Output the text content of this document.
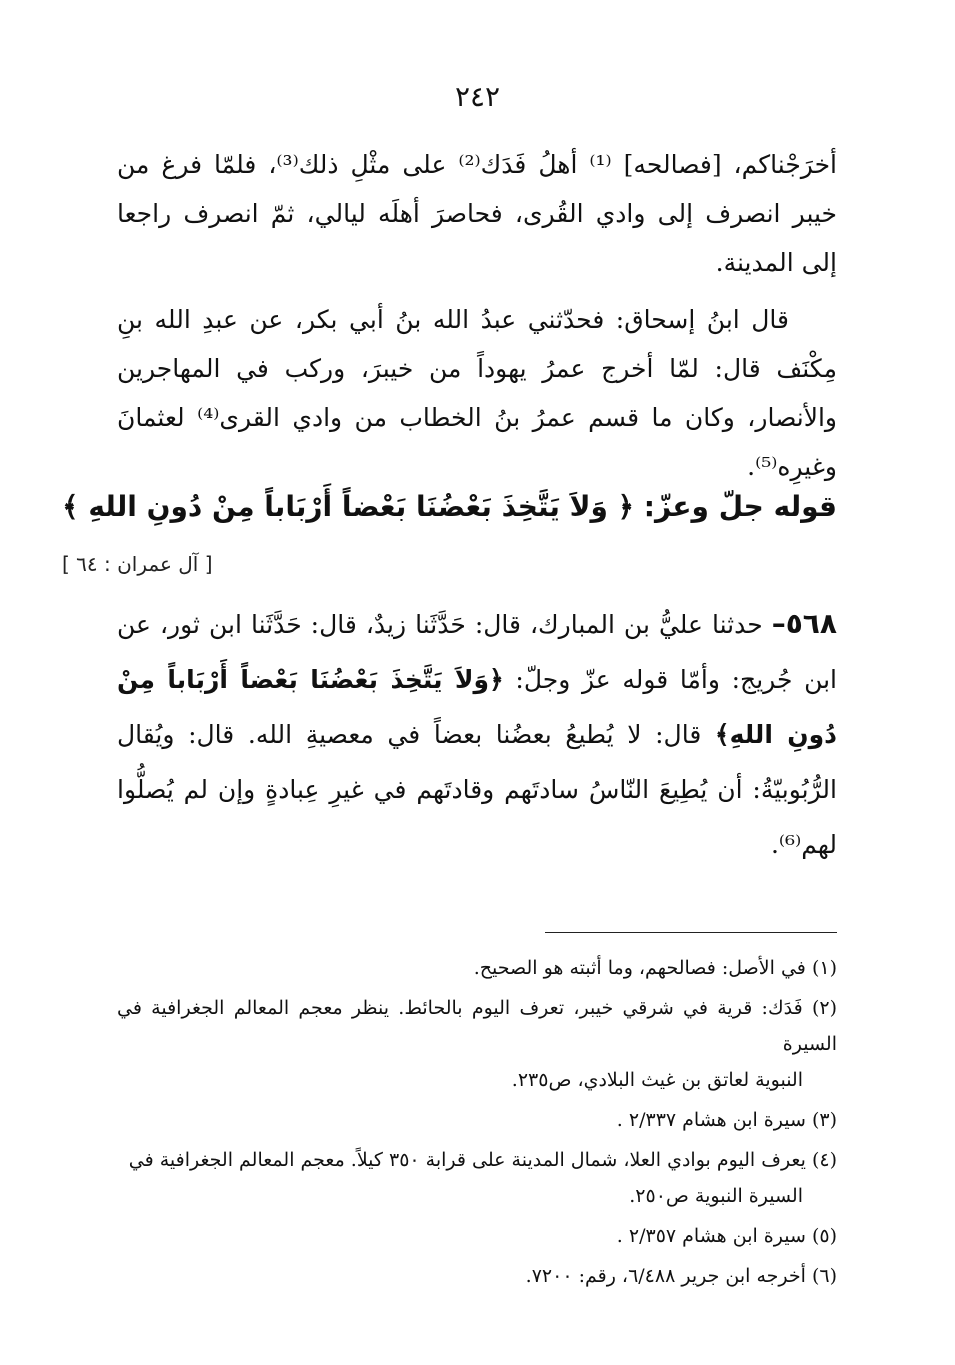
٢٤٢

أخرَجْناكم، [فصالحه] ⁽¹⁾ أهلُ فَدَك⁽²⁾ على مثْلِ ذلك⁽³⁾، فلمّا فرغ من خيبر انصرف إلى وادي القُرى، فحاصرَ أهلَه ليالي، ثمّ انصرف راجعا إلى المدينة.

قال ابنُ إسحاق: فحدّثني عبدُ الله بنُ أبي بكر، عن عبدِ الله بنِ مِكْنَف قال: لمّا أخرج عمرُ يهوداً من خيبرَ، وركب في المهاجرين والأنصار، وكان ما قسم عمرُ بنُ الخطاب من وادي القرى⁽⁴⁾ لعثمانَ وغيرِه⁽⁵⁾.

قوله جلّ وعزّ: ﴿ وَلاَ يَتَّخِذَ بَعْضُنَا بَعْضاً أَرْبَاباً مِنْ دُونِ اللهِ ﴾
[ آل عمران : ٦٤ ]
٥٦٨– حدثنا عليُّ بن المبارك، قال: حَدَّثَنا زيدٌ، قال: حَدَّثَنا ابن ثور، عن ابن جُريج: وأمّا قوله عزّ وجلّ: ﴿وَلاَ يَتَّخِذَ بَعْضُنَا بَعْضاً أَرْبَاباً مِنْ دُونِ اللهِ﴾ قال: لا يُطيعُ بعضُنا بعضاً في معصيةِ الله. قال: ويُقال الرُّبُوبيّةُ: أن يُطِيعَ النّاسُ سادتَهم وقادتَهم في غيرِ عِبادةٍ وإن لم يُصلُّوا لهم⁽⁶⁾.
(١) في الأصل: فصالحهم، وما أثبته هو الصحيح.
(٢) فَدَك: قرية في شرقي خيبر، تعرف اليوم بالحائط. ينظر معجم المعالم الجغرافية في السيرة
النبوية لعاتق بن غيث البلادي، ص٢٣٥.
(٣) سيرة ابن هشام ٢/٣٣٧ .
(٤) يعرف اليوم بوادي العلا، شمال المدينة على قرابة ٣٥٠ كيلاً. معجم المعالم الجغرافية في
السيرة النبوية ص٢٥٠.
(٥) سيرة ابن هشام ٢/٣٥٧ .
(٦) أخرجه ابن جرير ٦/٤٨٨، رقم: ٧٢٠٠.
